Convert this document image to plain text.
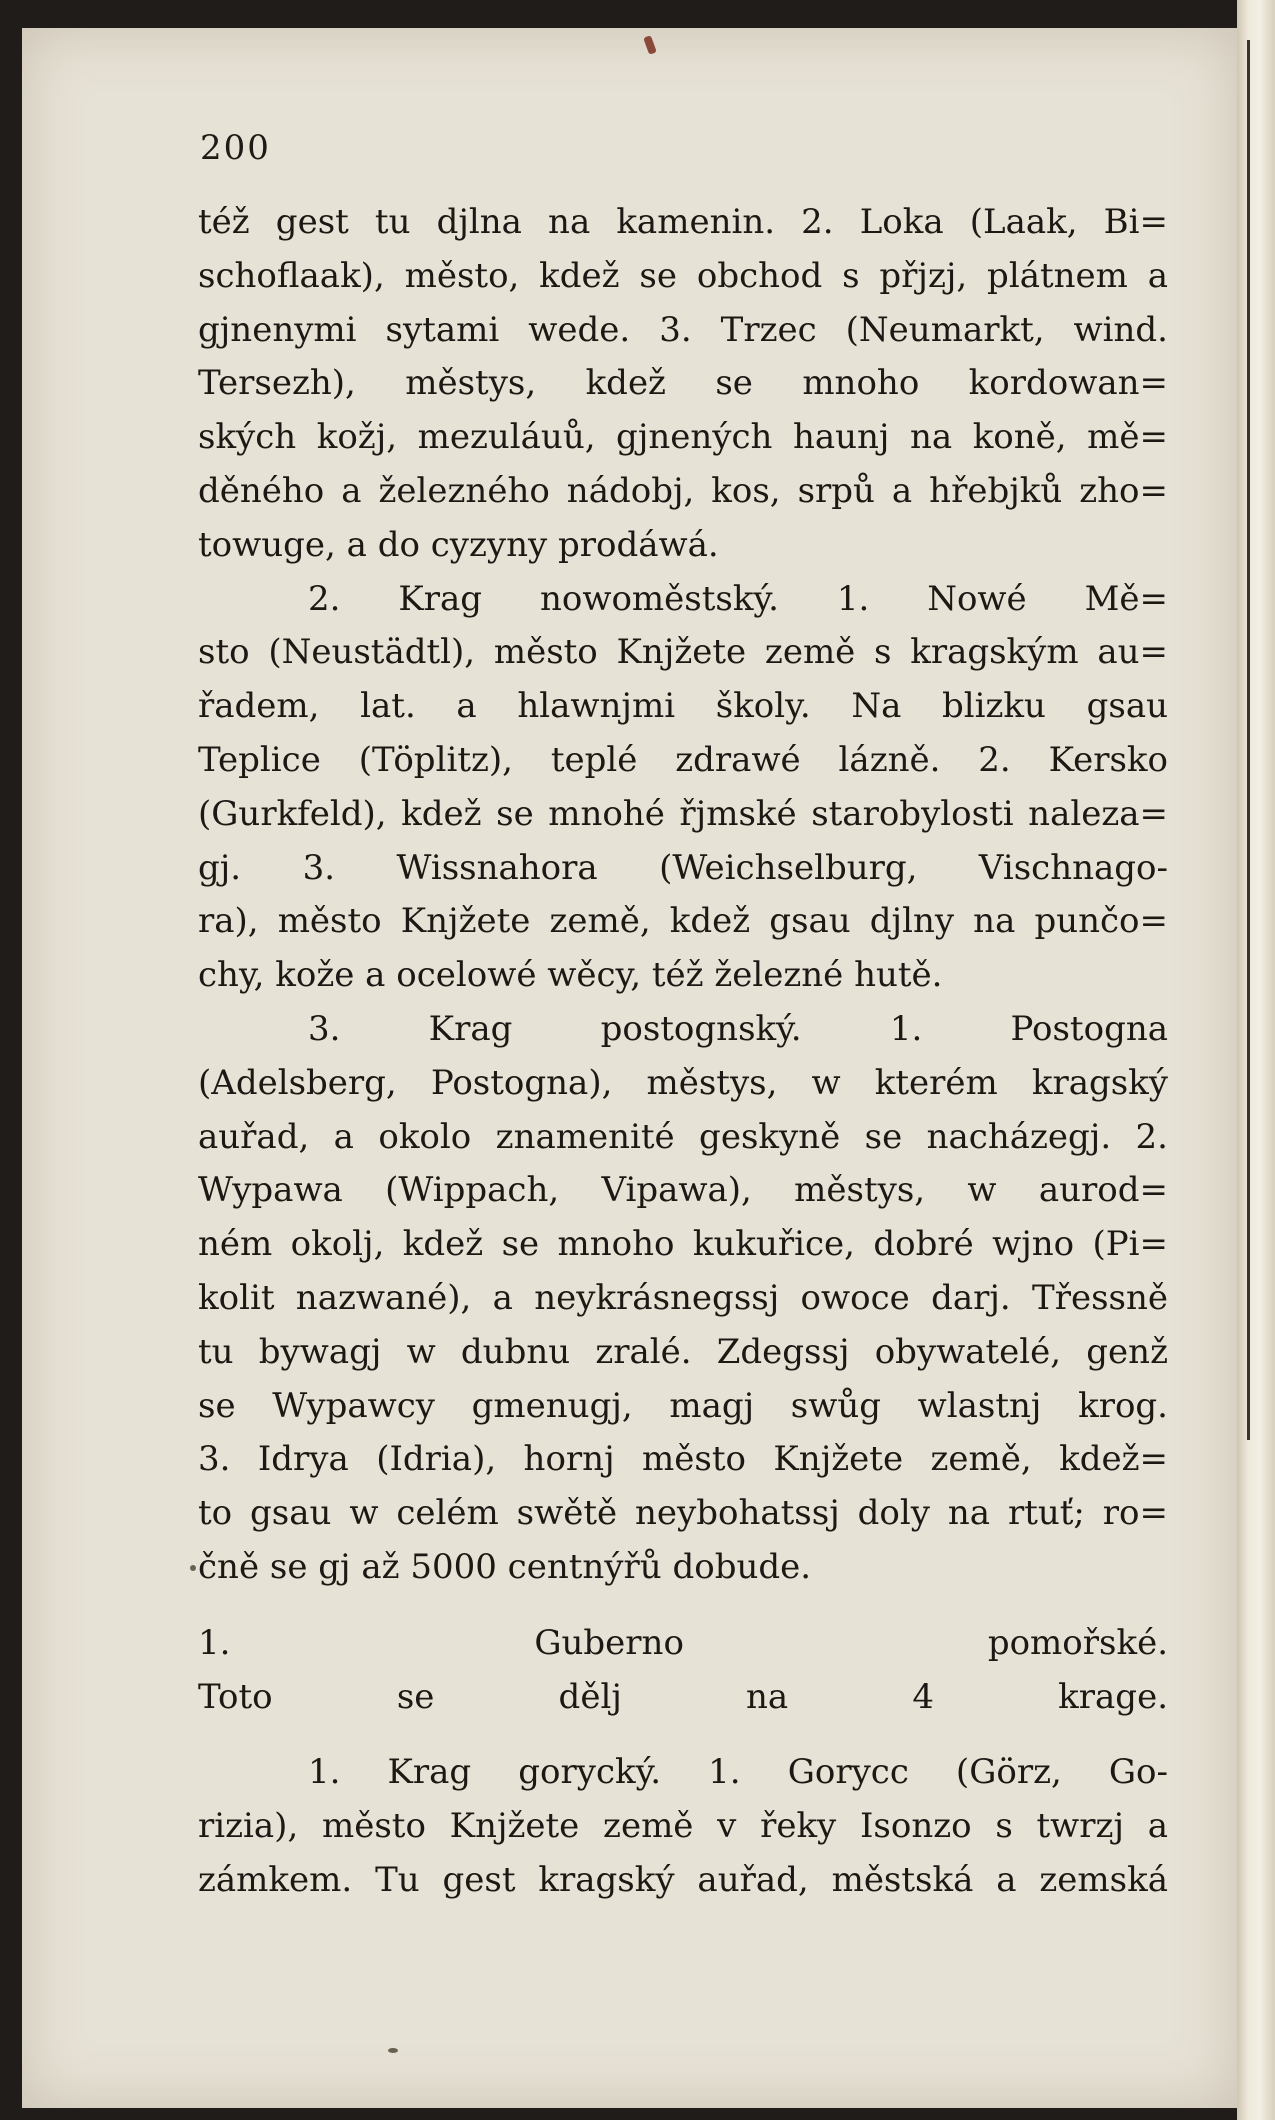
200
též gest tu djlna na kamenin. 2. Loka (Laak, Bi=
schoflaak), město, kdež se obchod s přjzj, plátnem a
gjnenymi sytami wede. 3. Trzec (Neumarkt, wind.
Tersezh), městys, kdež se mnoho kordowan=
ských kožj, mezuláuů, gjnených haunj na koně, mě=
děného a železného nádobj, kos, srpů a hřebjků zho=
towuge, a do cyzyny prodáwá.
2. Krag nowoměstský. 1. Nowé Mě=
sto (Neustädtl), město Knjžete země s kragským au=
řadem, lat. a hlawnjmi školy. Na blizku gsau
Teplice (Töplitz), teplé zdrawé lázně. 2. Kersko
(Gurkfeld), kdež se mnohé řjmské starobylosti naleza=
gj. 3. Wissnahora (Weichselburg, Vischnago-
ra), město Knjžete země, kdež gsau djlny na punčo=
chy, kože a ocelowé wěcy, též železné hutě.
3. Krag postognský. 1. Postogna
(Adelsberg, Postogna), městys, w kterém kragský
auřad, a okolo znamenité geskyně se nacházegj. 2.
Wypawa (Wippach, Vipawa), městys, w aurod=
ném okolj, kdež se mnoho kukuřice, dobré wjno (Pi=
kolit nazwané), a neykrásnegssj owoce darj. Třessně
tu bywagj w dubnu zralé. Zdegssj obywatelé, genž
se Wypawcy gmenugj, magj swůg wlastnj krog.
3. Idrya (Idria), hornj město Knjžete země, kdež=
to gsau w celém swětě neybohatssj doly na rtuť; ro=
čně se gj až 5000 centnýřů dobude.
1. Guberno pomořské.
Toto se dělj na 4 krage.
1. Krag gorycký. 1. Gorycc (Görz, Go-
rizia), město Knjžete země v řeky Isonzo s twrzj a
zámkem. Tu gest kragský auřad, městská a zemská
